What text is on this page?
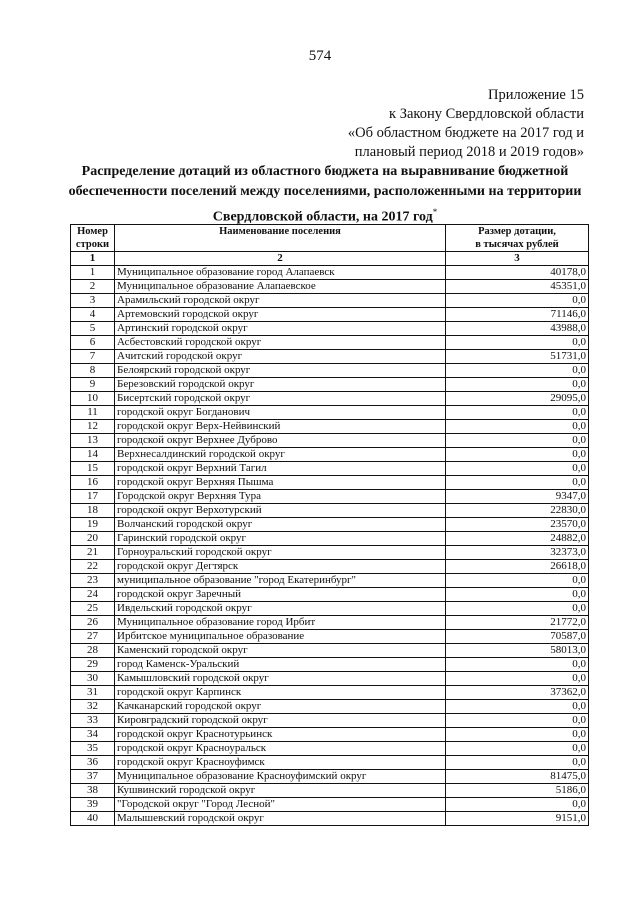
574
Приложение 15
к Закону Свердловской области
«Об областном бюджете на 2017 год и
плановый период 2018 и 2019 годов»
Распределение дотаций из областного бюджета на выравнивание бюджетной
обеспеченности поселений между поселениями, расположенными на территории
Свердловской области, на 2017 год*
Номер
строки	Наименование поселения	Размер дотации,
в тысячах рублей
1	2	3
1	Муниципальное образование город Алапаевск	40178,0
2	Муниципальное образование Алапаевское	45351,0
3	Арамильский городской округ	0,0
4	Артемовский городской округ	71146,0
5	Артинский городской округ	43988,0
6	Асбестовский городской округ	0,0
7	Ачитский городской округ	51731,0
8	Белоярский городской округ	0,0
9	Березовский городской округ	0,0
10	Бисертский городской округ	29095,0
11	городской округ Богданович	0,0
12	городской округ Верх-Нейвинский	0,0
13	городской округ Верхнее Дуброво	0,0
14	Верхнесалдинский городской округ	0,0
15	городской округ Верхний Тагил	0,0
16	городской округ Верхняя Пышма	0,0
17	Городской округ Верхняя Тура	9347,0
18	городской округ Верхотурский	22830,0
19	Волчанский городской округ	23570,0
20	Гаринский городской округ	24882,0
21	Горноуральский городской округ	32373,0
22	городской округ Дегтярск	26618,0
23	муниципальное образование "город Екатеринбург"	0,0
24	городской округ Заречный	0,0
25	Ивдельский городской округ	0,0
26	Муниципальное образование город Ирбит	21772,0
27	Ирбитское муниципальное образование	70587,0
28	Каменский городской округ	58013,0
29	город Каменск-Уральский	0,0
30	Камышловский городской округ	0,0
31	городской округ Карпинск	37362,0
32	Качканарский городской округ	0,0
33	Кировградский городской округ	0,0
34	городской округ Краснотурьинск	0,0
35	городской округ Красноуральск	0,0
36	городской округ Красноуфимск	0,0
37	Муниципальное образование Красноуфимский округ	81475,0
38	Кушвинский городской округ	5186,0
39	"Городской округ "Город Лесной"	0,0
40	Малышевский городской округ	9151,0
